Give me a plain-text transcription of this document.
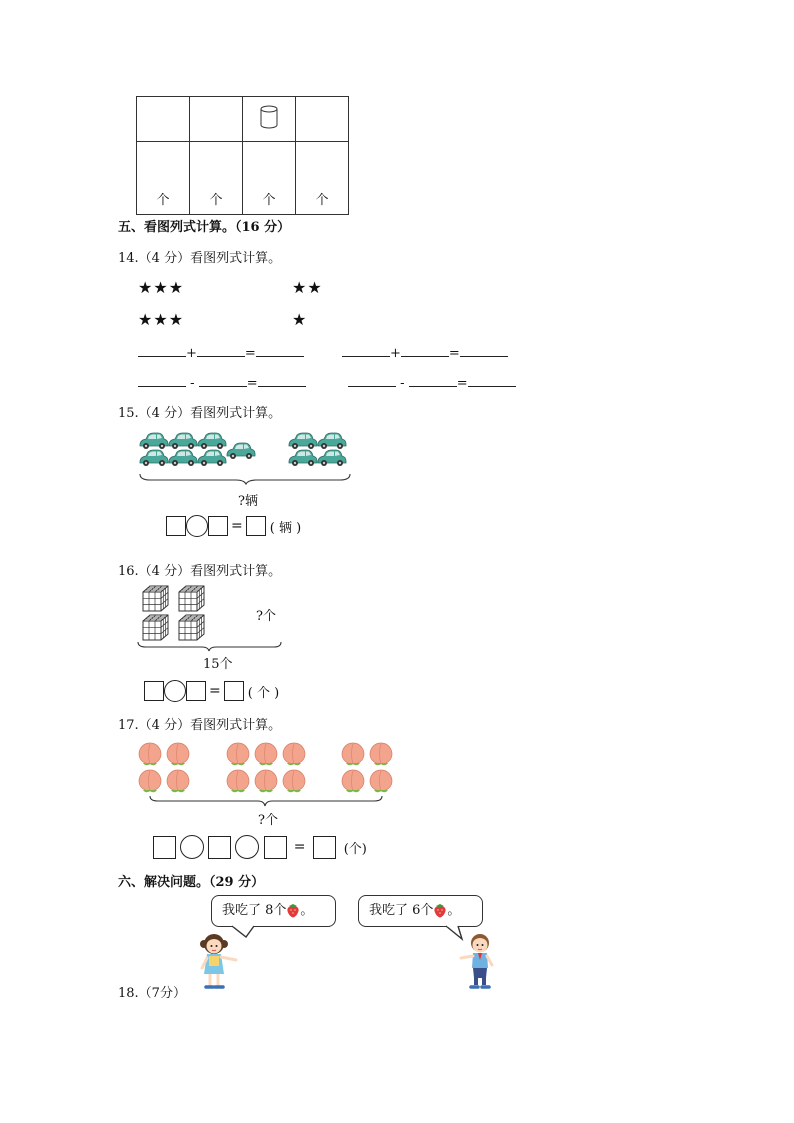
个	个	个	个
五、看图列式计算。（16 分）
14.（4 分）看图列式计算。
★★★
★★★
★★
★
+	=	+	=
-	=	-	=
15.（4 分）看图列式计算。
?辆
= ( 辆 )
16.（4 分）看图列式计算。
?个
15个
= ( 个 )
17.（4 分）看图列式计算。
?个
=	(个)
六、解决问题。（29 分）
我吃了 8个 。	我吃了 6个 。
18.（7分）
